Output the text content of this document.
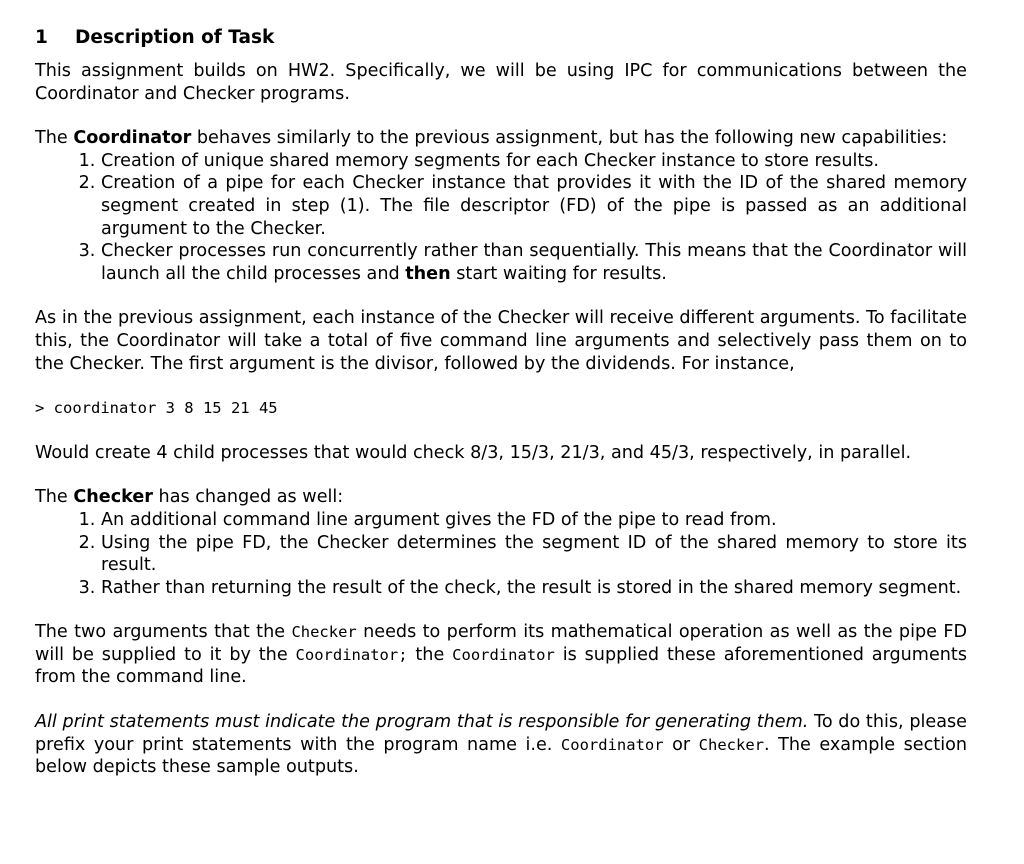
1 Description of Task

This assignment builds on HW2. Specifically, we will be using IPC for communications between the Coordinator and Checker programs.

The Coordinator behaves similarly to the previous assignment, but has the following new capabilities:

1. Creation of unique shared memory segments for each Checker instance to store results.
2. Creation of a pipe for each Checker instance that provides it with the ID of the shared memory segment created in step (1). The file descriptor (FD) of the pipe is passed as an additional argument to the Checker.
3. Checker processes run concurrently rather than sequentially. This means that the Coordinator will launch all the child processes and then start waiting for results.

As in the previous assignment, each instance of the Checker will receive different arguments. To facilitate this, the Coordinator will take a total of five command line arguments and selectively pass them on to the Checker. The first argument is the divisor, followed by the dividends. For instance,

> coordinator 3 8 15 21 45

Would create 4 child processes that would check 8/3, 15/3, 21/3, and 45/3, respectively, in parallel.

The Checker has changed as well:

1. An additional command line argument gives the FD of the pipe to read from.
2. Using the pipe FD, the Checker determines the segment ID of the shared memory to store its result.
3. Rather than returning the result of the check, the result is stored in the shared memory segment.

The two arguments that the Checker needs to perform its mathematical operation as well as the pipe FD will be supplied to it by the Coordinator; the Coordinator is supplied these aforementioned arguments from the command line.

All print statements must indicate the program that is responsible for generating them. To do this, please prefix your print statements with the program name i.e. Coordinator or Checker. The example section below depicts these sample outputs.
